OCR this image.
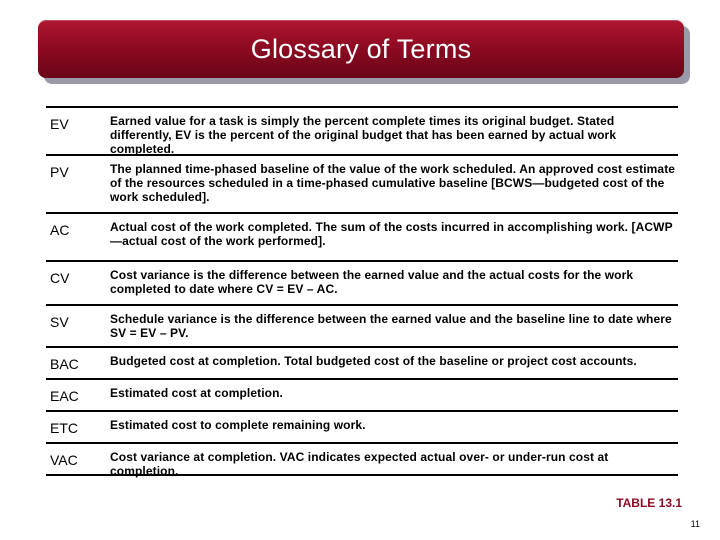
Glossary of Terms
EV	Earned value for a task is simply the percent complete times its original budget. Stated differently, EV is the percent of the original budget that has been earned by actual work completed.
PV	The planned time-phased baseline of the value of the work scheduled. An approved cost estimate of the resources scheduled in a time-phased cumulative baseline [BCWS—budgeted cost of the work scheduled].
AC	Actual cost of the work completed. The sum of the costs incurred in accomplishing work. [ACWP —actual cost of the work performed].
CV	Cost variance is the difference between the earned value and the actual costs for the work completed to date where CV = EV – AC.
SV	Schedule variance is the difference between the earned value and the baseline line to date where SV = EV – PV.
BAC	Budgeted cost at completion. Total budgeted cost of the baseline or project cost accounts.
EAC	Estimated cost at completion.
ETC	Estimated cost to complete remaining work.
VAC	Cost variance at completion. VAC indicates expected actual over- or under-run cost at completion.
TABLE 13.1
11
